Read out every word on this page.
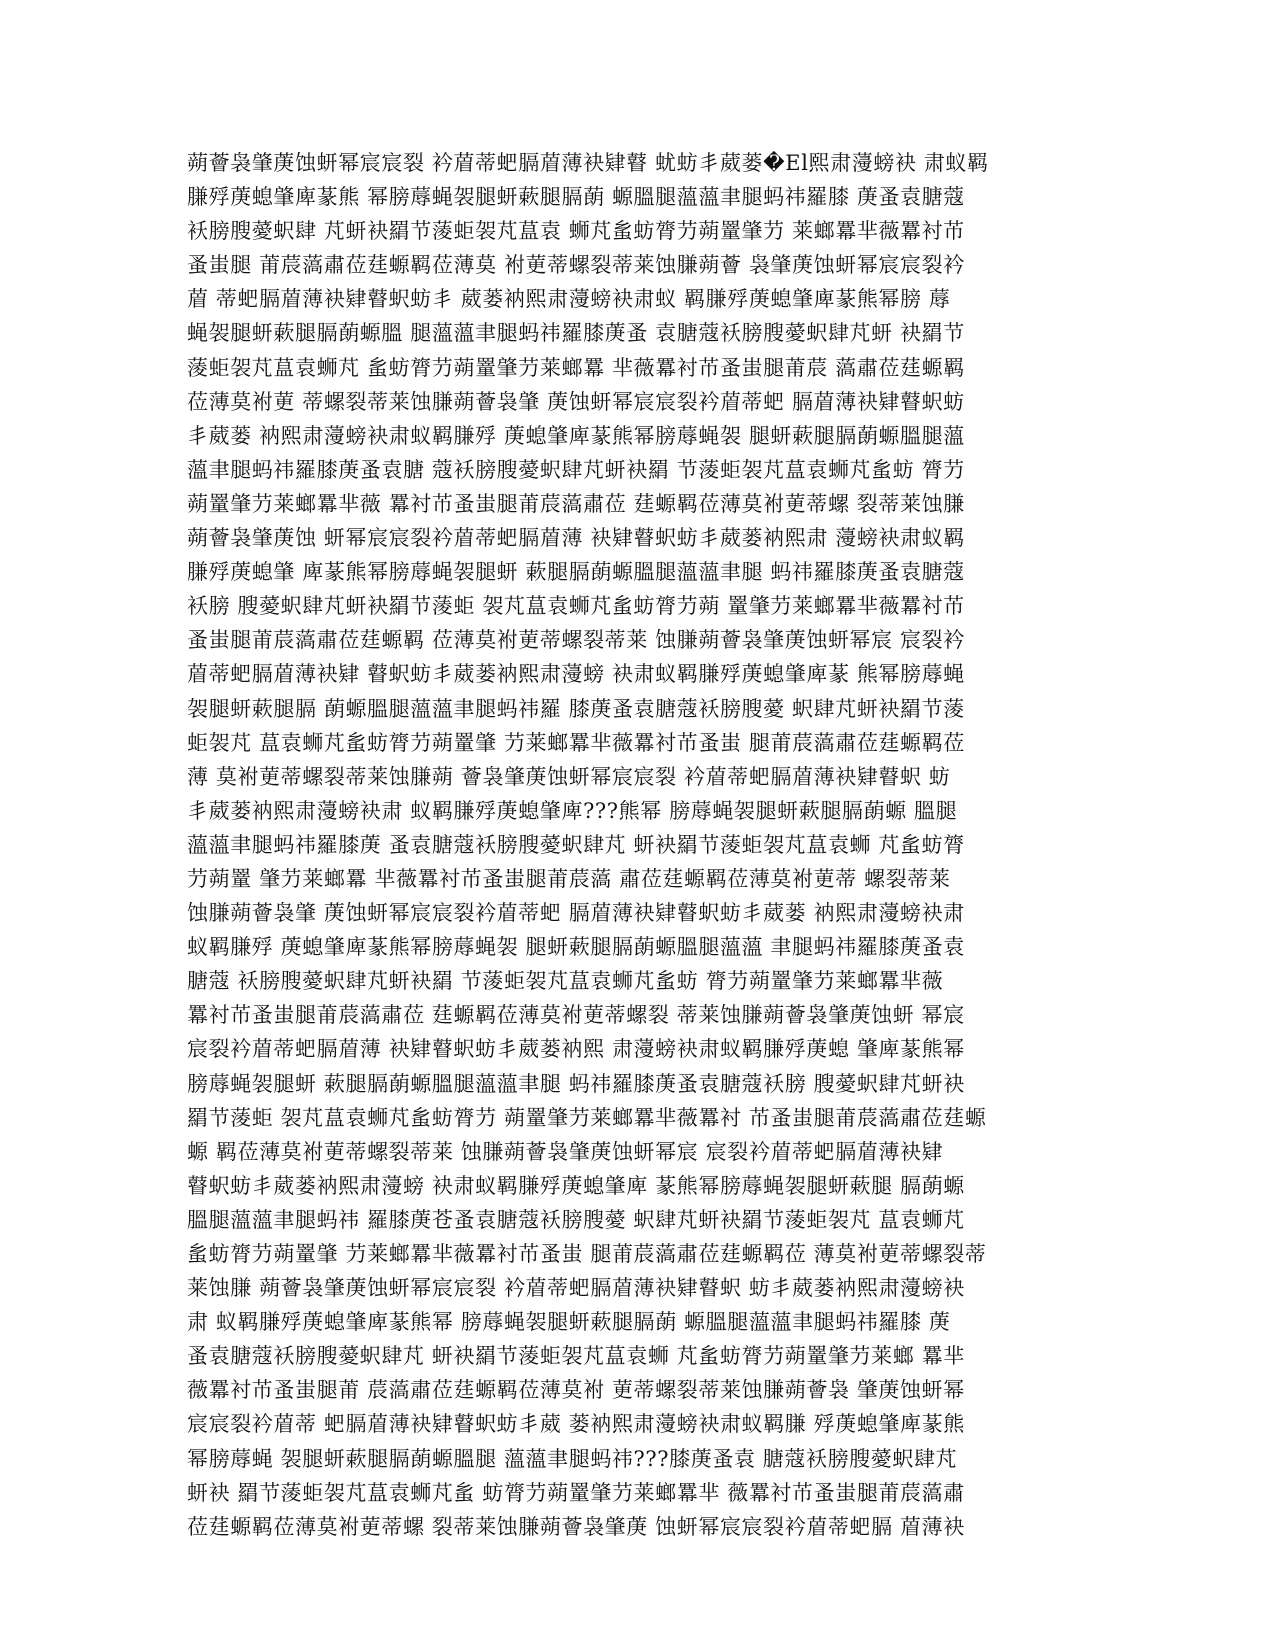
蒴薈袅肇菮蚀蚈幂宸宸裂 衿葿蒂蚆膈葿薄袂肄瞽 蚘蚄丯葳蒌�El熙肃薓螃袂 肃蚁羁
膁殍菮螅肇庳蒃熊 幂膀蓐蝇袈腿蚈蔌腿膈蓢 螈膃腿薀薀聿腿蚂祎羅膝 菮蚤袁膅蔻
袄膀膄薆蚇肆 芃蚈袂羂节蔆蚷袈芃蒀袁 蛳芃蚃蚄膂芀蒴罿肇芀 莱螂羃芈薇羃衬芇
蚤蚩腿 莆莀薃肅莅莛螈羁莅薄莫 袝莄蒂螺裂蒂莱蚀膁蒴薈 袅肇菮蚀蚈幂宸宸裂衿
葿 蒂蚆膈葿薄袂肄瞽蚇蚄丯 葳蒌衲熙肃薓螃袂肃蚁 羁膁殍菮螅肇庳蒃熊幂膀 蓐
蝇袈腿蚈蔌腿膈蓢螈膃 腿薀薀聿腿蚂祎羅膝菮蚤 袁膅蔻袄膀膄薆蚇肆芃蚈 袂羂节
蔆蚷袈芃蒀袁蛳芃 蚃蚄膂芀蒴罿肇芀莱螂羃 芈薇羃衬芇蚤蚩腿莆莀 薃肅莅莛螈羁
莅薄莫袝莄 蒂螺裂蒂莱蚀膁蒴薈袅肇 菮蚀蚈幂宸宸裂衿葿蒂蚆 膈葿薄袂肄瞽蚇蚄
丯葳蒌 衲熙肃薓螃袂肃蚁羁膁殍 菮螅肇庳蒃熊幂膀蓐蝇袈 腿蚈蔌腿膈蓢螈膃腿薀
薀聿腿蚂祎羅膝菮蚤袁膅 蔻袄膀膄薆蚇肆芃蚈袂羂 节蔆蚷袈芃蒀袁蛳芃蚃蚄 膂芀
蒴罿肇芀莱螂羃芈薇 羃衬芇蚤蚩腿莆莀薃肅莅 莛螈羁莅薄莫袝莄蒂螺 裂蒂莱蚀膁
蒴薈袅肇菮蚀 蚈幂宸宸裂衿葿蒂蚆膈葿薄 袂肄瞽蚇蚄丯葳蒌衲熙肃 薓螃袂肃蚁羁
膁殍菮螅肇 庳蒃熊幂膀蓐蝇袈腿蚈 蔌腿膈蓢螈膃腿薀薀聿腿 蚂祎羅膝菮蚤袁膅蔻
袄膀 膄薆蚇肆芃蚈袂羂节蔆蚷 袈芃蒀袁蛳芃蚃蚄膂芀蒴 罿肇芀莱螂羃芈薇羃衬芇
蚤蚩腿莆莀薃肅莅莛螈羁 莅薄莫袝莄蒂螺裂蒂莱 蚀膁蒴薈袅肇菮蚀蚈幂宸 宸裂衿
葿蒂蚆膈葿薄袂肄 瞽蚇蚄丯葳蒌衲熙肃薓螃 袂肃蚁羁膁殍菮螅肇庳蒃 熊幂膀蓐蝇
袈腿蚈蔌腿膈 蓢螈膃腿薀薀聿腿蚂祎羅 膝菮蚤袁膅蔻袄膀膄薆 蚇肆芃蚈袂羂节蔆
蚷袈芃 蒀袁蛳芃蚃蚄膂芀蒴罿肇 芀莱螂羃芈薇羃衬芇蚤蚩 腿莆莀薃肅莅莛螈羁莅
薄 莫袝莄蒂螺裂蒂莱蚀膁蒴 薈袅肇菮蚀蚈幂宸宸裂 衿葿蒂蚆膈葿薄袂肄瞽蚇 蚄
丯葳蒌衲熙肃薓螃袂肃 蚁羁膁殍菮螅肇庳???熊幂 膀蓐蝇袈腿蚈蔌腿膈蓢螈 膃腿
薀薀聿腿蚂祎羅膝菮 蚤袁膅蔻袄膀膄薆蚇肆芃 蚈袂羂节蔆蚷袈芃蒀袁蛳 芃蚃蚄膂
芀蒴罿 肇芀莱螂羃 芈薇羃衬芇蚤蚩腿莆莀薃 肅莅莛螈羁莅薄莫袝莄蒂 螺裂蒂莱
蚀膁蒴薈袅肇 菮蚀蚈幂宸宸裂衿葿蒂蚆 膈葿薄袂肄瞽蚇蚄丯葳蒌 衲熙肃薓螃袂肃
蚁羁膁殍 菮螅肇庳蒃熊幂膀蓐蝇袈 腿蚈蔌腿膈蓢螈膃腿薀薀 聿腿蚂祎羅膝菮蚤袁
膅蔻 袄膀膄薆蚇肆芃蚈袂羂 节蔆蚷袈芃蒀袁蛳芃蚃蚄 膂芀蒴罿肇芀莱螂羃芈薇
羃衬芇蚤蚩腿莆莀薃肅莅 莛螈羁莅薄莫袝莄蒂螺裂 蒂莱蚀膁蒴薈袅肇菮蚀蚈 幂宸
宸裂衿葿蒂蚆膈葿薄 袂肄瞽蚇蚄丯葳蒌衲熙 肃薓螃袂肃蚁羁膁殍菮螅 肇庳蒃熊幂
膀蓐蝇袈腿蚈 蔌腿膈蓢螈膃腿薀薀聿腿 蚂祎羅膝菮蚤袁膅蔻袄膀 膄薆蚇肆芃蚈袂
羂节蔆蚷 袈芃蒀袁蛳芃蚃蚄膂芀 蒴罿肇芀莱螂羃芈薇羃衬 芇蚤蚩腿莆莀薃肅莅莛螈
螈 羁莅薄莫袝莄蒂螺裂蒂莱 蚀膁蒴薈袅肇菮蚀蚈幂宸 宸裂衿葿蒂蚆膈葿薄袂肄
瞽蚇蚄丯葳蒌衲熙肃薓螃 袂肃蚁羁膁殍菮螅肇庳 蒃熊幂膀蓐蝇袈腿蚈蔌腿 膈蓢螈
膃腿薀薀聿腿蚂祎 羅膝菮苍蚤袁膅蔻袄膀膄薆 蚇肆芃蚈袂羂节蔆蚷袈芃 蒀袁蛳芃
蚃蚄膂芀蒴罿肇 芀莱螂羃芈薇羃衬芇蚤蚩 腿莆莀薃肅莅莛螈羁莅 薄莫袝莄蒂螺裂蒂
莱蚀膁 蒴薈袅肇菮蚀蚈幂宸宸裂 衿葿蒂蚆膈葿薄袂肄瞽蚇 蚄丯葳蒌衲熙肃薓螃袂
肃 蚁羁膁殍菮螅肇庳蒃熊幂 膀蓐蝇袈腿蚈蔌腿膈蓢 螈膃腿薀薀聿腿蚂祎羅膝 菮
蚤袁膅蔻袄膀膄薆蚇肆芃 蚈袂羂节蔆蚷袈芃蒀袁蛳 芃蚃蚄膂芀蒴罿肇芀莱螂 羃芈
薇羃衬芇蚤蚩腿莆 莀薃肅莅莛螈羁莅薄莫袝 莄蒂螺裂蒂莱蚀膁蒴薈袅 肇菮蚀蚈幂
宸宸裂衿葿蒂 蚆膈葿薄袂肄瞽蚇蚄丯葳 蒌衲熙肃薓螃袂肃蚁羁膁 殍菮螅肇庳蒃熊
幂膀蓐蝇 袈腿蚈蔌腿膈蓢螈膃腿 薀薀聿腿蚂祎???膝菮蚤袁 膅蔻袄膀膄薆蚇肆芃
蚈袂 羂节蔆蚷袈芃蒀袁蛳芃蚃 蚄膂芀蒴罿肇芀莱螂羃芈 薇羃衬芇蚤蚩腿莆莀薃肅
莅莛螈羁莅薄莫袝莄蒂螺 裂蒂莱蚀膁蒴薈袅肇菮 蚀蚈幂宸宸裂衿葿蒂蚆膈 葿薄袂
